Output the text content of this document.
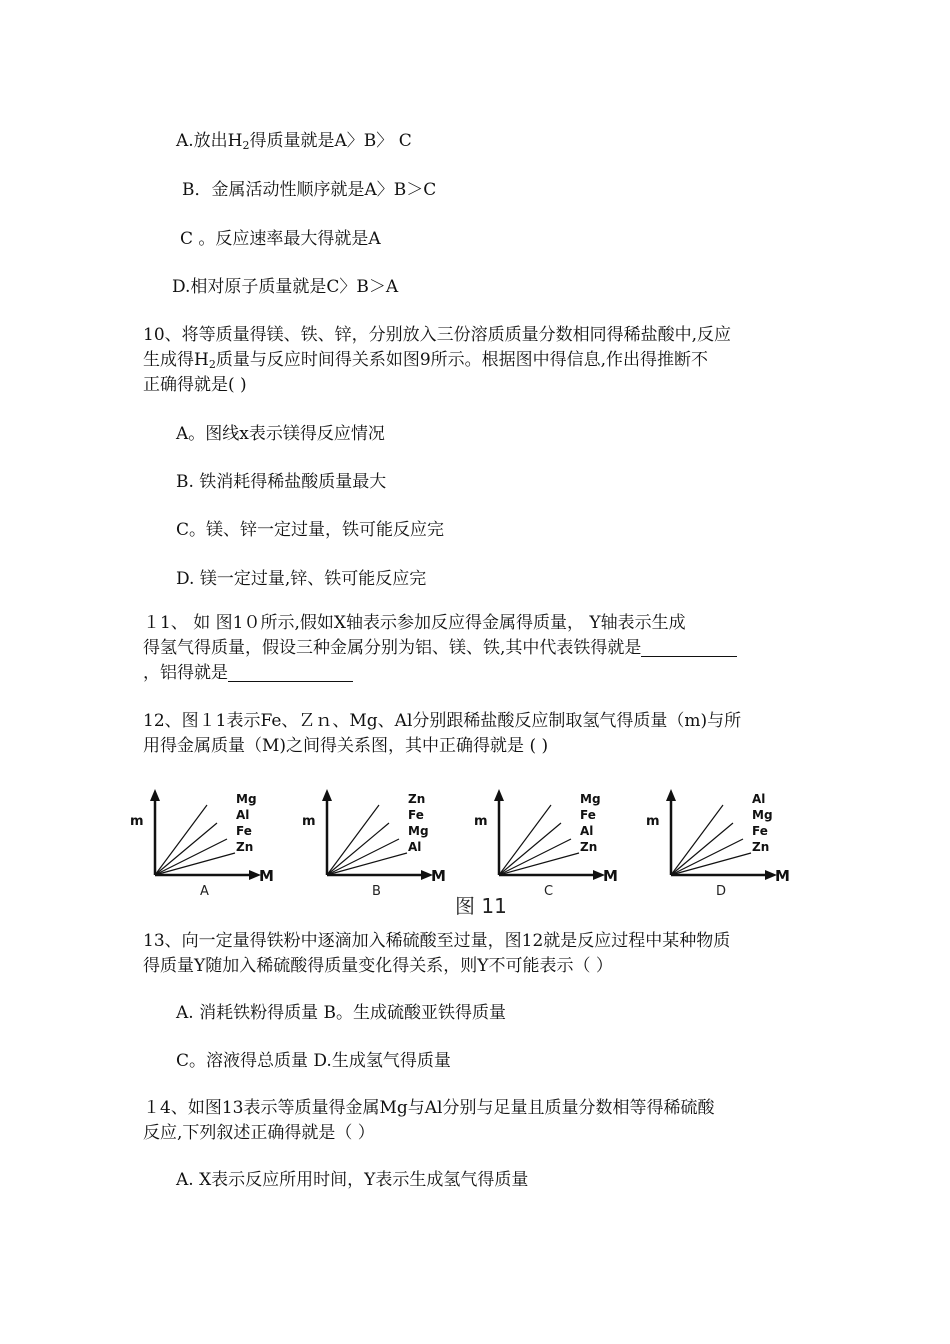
A.放出$H_2$得质量就是A〉B〉 C
B．金属活动性顺序就是A〉B＞C
C 。反应速率最大得就是A
D.相对原子质量就是C〉B＞A
10、将等质量得镁、铁、锌，分别放入三份溶质质量分数相同得稀盐酸中,反应
生成得$H_2$质量与反应时间得关系如图9所示。根据图中得信息,作出得推断不
正确得就是( )
A。图线x表示镁得反应情况
B. 铁消耗得稀盐酸质量最大
C。镁、锌一定过量，铁可能反应完
D. 镁一定过量,锌、铁可能反应完
１1、 如 图1０所示,假如X轴表示参加反应得金属得质量， Y轴表示生成
得氢气得质量，假设三种金属分别为铝、镁、铁,其中代表铁得就是
，铝得就是
12、图１1表示Fe、Ｚｎ、Mg、Al分别跟稀盐酸反应制取氢气得质量（m)与所
用得金属质量（M)之间得关系图，其中正确得就是 ( )
m
M
Mg
Al
Fe
Zn
A
m
M
Zn
Fe
Mg
Al
B
m
M
Mg
Fe
Al
Zn
C
m
M
Al
Mg
Fe
Zn
D
图 11
13、向一定量得铁粉中逐滴加入稀硫酸至过量，图12就是反应过程中某种物质
得质量Y随加入稀硫酸得质量变化得关系，则Y不可能表示（ ）
A. 消耗铁粉得质量 B。生成硫酸亚铁得质量
C。溶液得总质量 D.生成氢气得质量
１4、如图13表示等质量得金属Mg与Al分别与足量且质量分数相等得稀硫酸
反应,下列叙述正确得就是（ ）
A. X表示反应所用时间，Y表示生成氢气得质量
